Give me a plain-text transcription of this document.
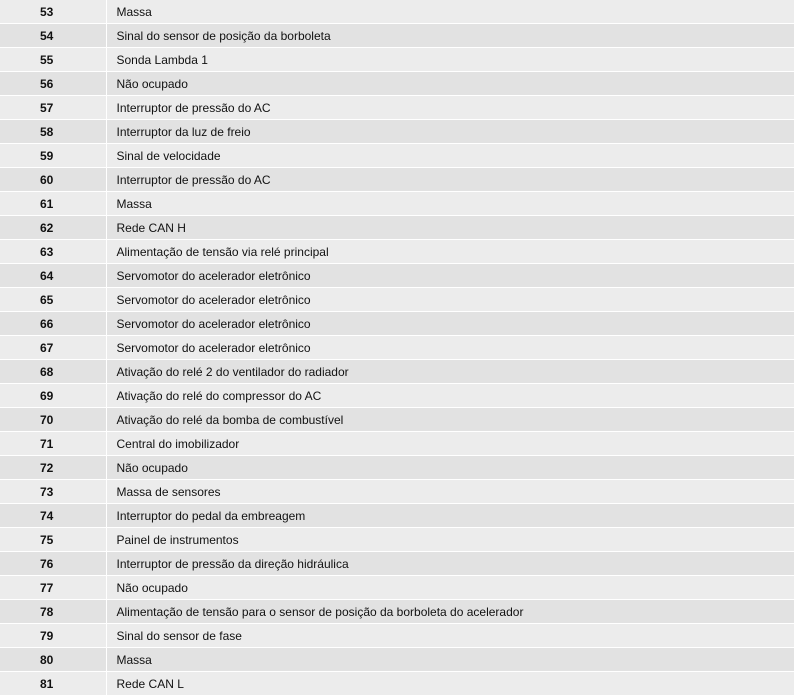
53	Massa
54	Sinal do sensor de posição da borboleta
55	Sonda Lambda 1
56	Não ocupado
57	Interruptor de pressão do AC
58	Interruptor da luz de freio
59	Sinal de velocidade
60	Interruptor de pressão do AC
61	Massa
62	Rede CAN H
63	Alimentação de tensão via relé principal
64	Servomotor do acelerador eletrônico
65	Servomotor do acelerador eletrônico
66	Servomotor do acelerador eletrônico
67	Servomotor do acelerador eletrônico
68	Ativação do relé 2 do ventilador do radiador
69	Ativação do relé do compressor do AC
70	Ativação do relé da bomba de combustível
71	Central do imobilizador
72	Não ocupado
73	Massa de sensores
74	Interruptor do pedal da embreagem
75	Painel de instrumentos
76	Interruptor de pressão da direção hidráulica
77	Não ocupado
78	Alimentação de tensão para o sensor de posição da borboleta do acelerador
79	Sinal do sensor de fase
80	Massa
81	Rede CAN L
